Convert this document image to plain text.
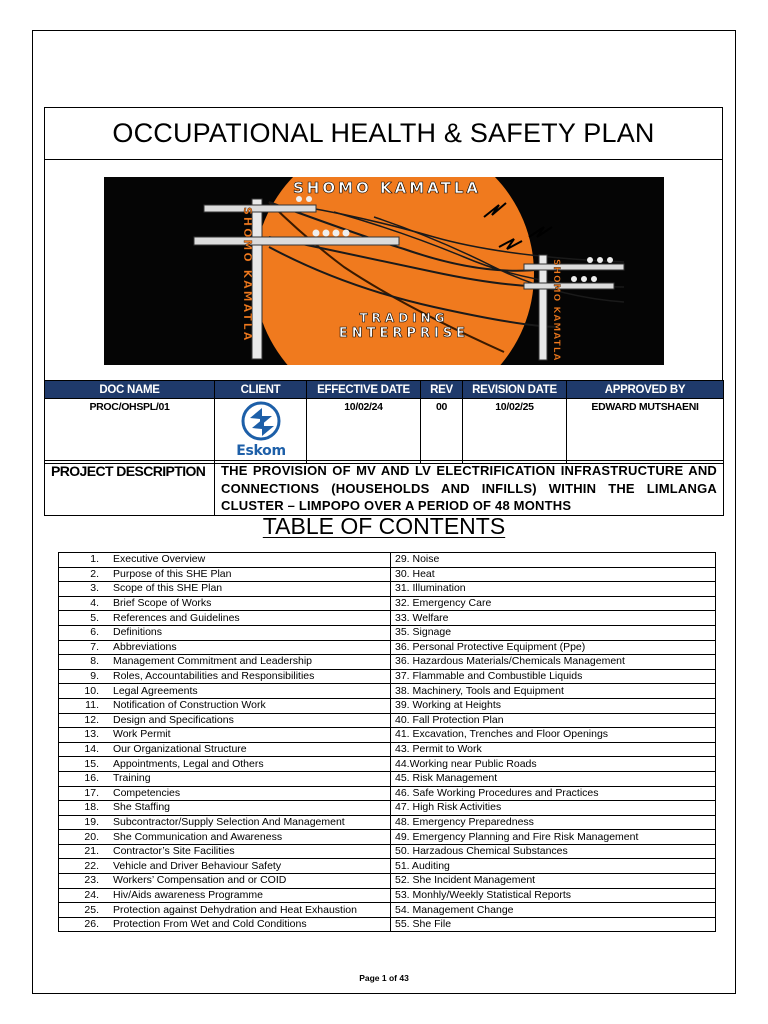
OCCUPATIONAL HEALTH & SAFETY PLAN
SHOMO KAMATLA
TRADING
ENTERPRISE
SHOMO KAMATLA	SHOMO KAMATLA
DOC NAME	CLIENT	EFFECTIVE DATE	REV	REVISION DATE	APPROVED BY
PROC/OHSPL/01	Eskom	10/02/24	00	10/02/25	EDWARD MUTSHAENI
PROJECT DESCRIPTION	THE PROVISION OF MV AND LV ELECTRIFICATION INFRASTRUCTURE AND CONNECTIONS (HOUSEHOLDS AND INFILLS) WITHIN THE LIMLANGA CLUSTER – LIMPOPO OVER A PERIOD OF 48 MONTHS
TABLE OF CONTENTS
1. Executive Overview	29. Noise
2. Purpose of this SHE Plan	30. Heat
3. Scope of this SHE Plan	31. Illumination
4. Brief Scope of Works	32. Emergency Care
5. References and Guidelines	33. Welfare
6. Definitions	35. Signage
7. Abbreviations	36. Personal Protective Equipment (Ppe)
8. Management Commitment and Leadership	36. Hazardous Materials/Chemicals Management
9. Roles, Accountabilities and Responsibilities	37. Flammable and Combustible Liquids
10. Legal Agreements	38. Machinery, Tools and Equipment
11. Notification of Construction Work	39. Working at Heights
12. Design and Specifications	40. Fall Protection Plan
13. Work Permit	41. Excavation, Trenches and Floor Openings
14. Our Organizational Structure	43. Permit to Work
15. Appointments, Legal and Others	44.Working near Public Roads
16. Training	45. Risk Management
17. Competencies	46. Safe Working Procedures and Practices
18. She Staffing	47. High Risk Activities
19. Subcontractor/Supply Selection And Management	48. Emergency Preparedness
20. She Communication and Awareness	49. Emergency Planning and Fire Risk Management
21. Contractor’s Site Facilities	50. Harzadous Chemical Substances
22. Vehicle and Driver Behaviour Safety	51. Auditing
23. Workers’ Compensation and or COID	52. She Incident Management
24. Hiv/Aids awareness Programme	53. Monhly/Weekly Statistical Reports
25. Protection against Dehydration and Heat Exhaustion	54. Management Change
26. Protection From Wet and Cold Conditions	55. She File
Page 1 of 43
